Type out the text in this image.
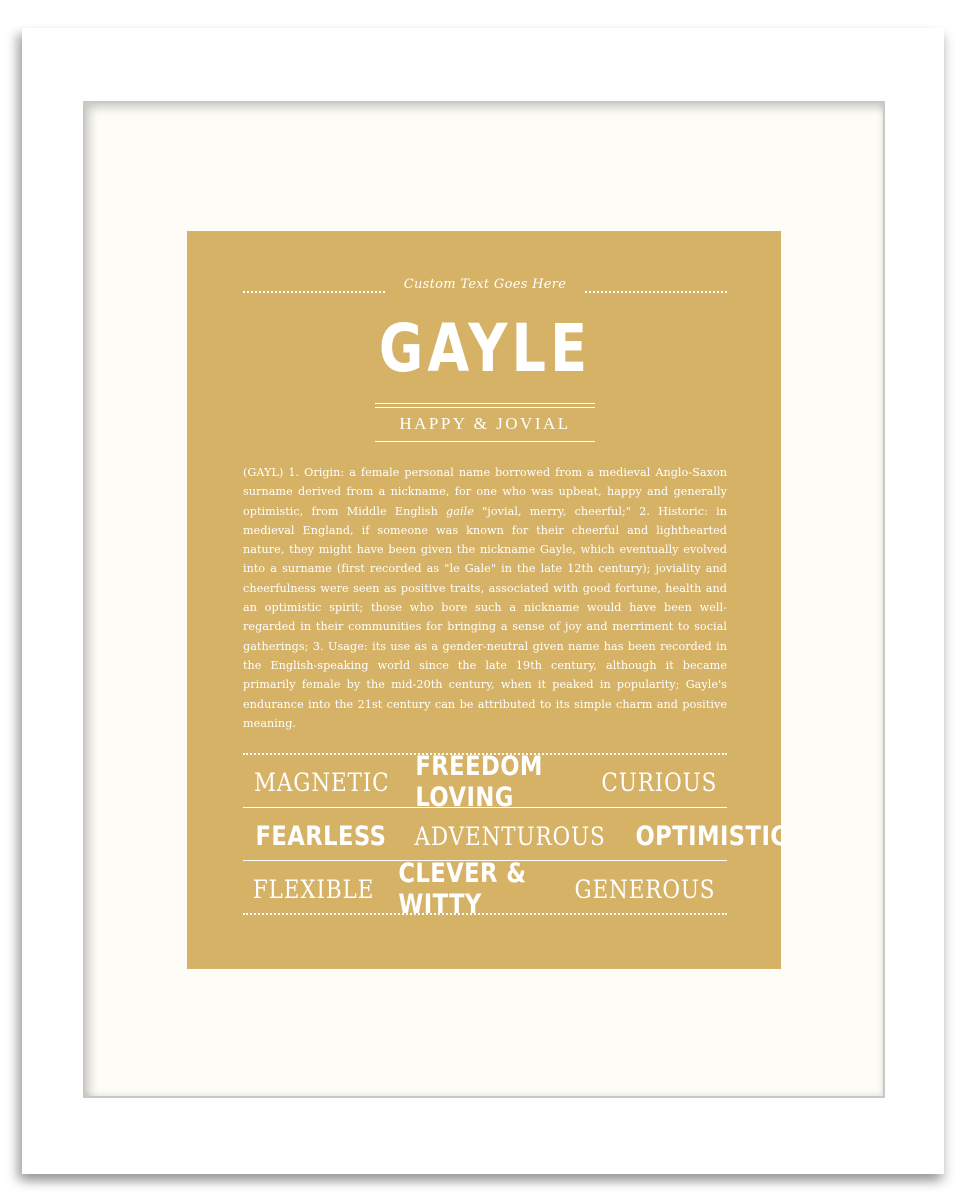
Custom Text Goes Here
GAYLE
HAPPY & JOVIAL
(GAYL) 1. Origin: a female personal name borrowed from a medieval Anglo-Saxon surname derived from a nickname, for one who was upbeat, happy and generally optimistic, from Middle English gaile "jovial, merry, cheerful;" 2. Historic: in medieval England, if someone was known for their cheerful and lighthearted nature, they might have been given the nickname Gayle, which eventually evolved into a surname (first recorded as "le Gale" in the late 12th century); joviality and cheerfulness were seen as positive traits, associated with good fortune, health and an optimistic spirit; those who bore such a nickname would have been well-regarded in their communities for bringing a sense of joy and merriment to social gatherings; 3. Usage: its use as a gender-neutral given name has been recorded in the English-speaking world since the late 19th century, although it became primarily female by the mid-20th century, when it peaked in popularity; Gayle's endurance into the 21st century can be attributed to its simple charm and positive meaning.
MAGNETIC FREEDOM LOVING	CURIOUS
FEARLESS ADVENTUROUS OPTIMISTIC
FLEXIBLE CLEVER & WITTY	GENEROUS
